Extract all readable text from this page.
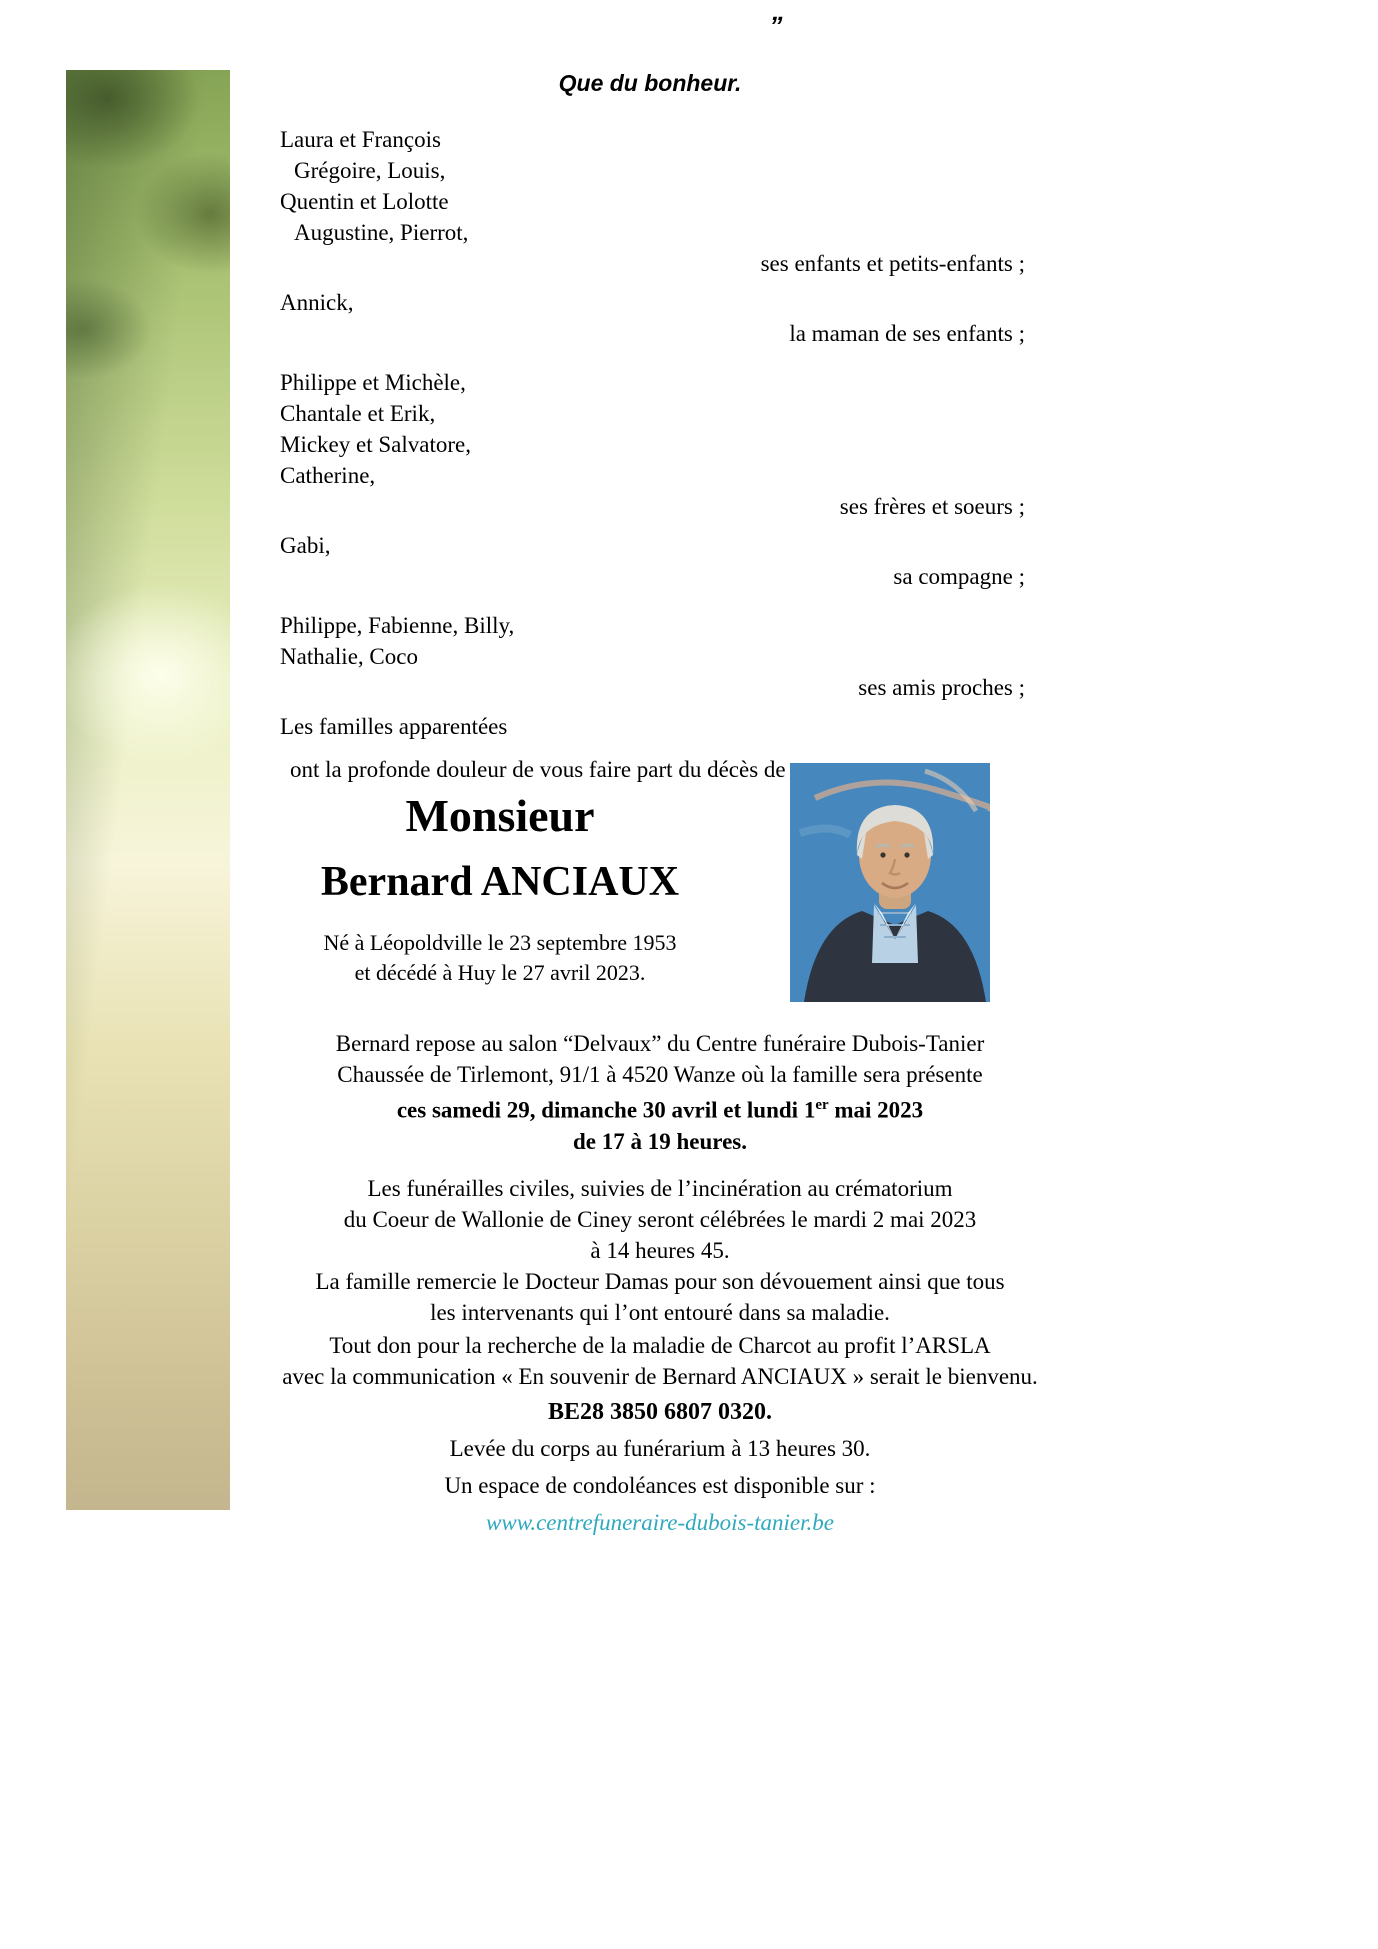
„
Que du bonheur.
Laura et François
Grégoire, Louis,
Quentin et Lolotte
Augustine, Pierrot,
ses enfants et petits-enfants ;
Annick,
la maman de ses enfants ;
Philippe et Michèle,
Chantale et Erik,
Mickey et Salvatore,
Catherine,
ses frères et soeurs ;
Gabi,
sa compagne ;
Philippe, Fabienne, Billy,
Nathalie, Coco
ses amis proches ;
Les familles apparentées
ont la profonde douleur de vous faire part du décès de
Monsieur
Bernard ANCIAUX
Né à Léopoldville le 23 septembre 1953
et décédé à Huy le 27 avril 2023.
Bernard repose au salon “Delvaux” du Centre funéraire Dubois-Tanier
Chaussée de Tirlemont, 91/1 à 4520 Wanze où la famille sera présente
ces samedi 29, dimanche 30 avril et lundi 1er mai 2023
de 17 à 19 heures.
Les funérailles civiles, suivies de l’incinération au crématorium
du Coeur de Wallonie de Ciney seront célébrées le mardi 2 mai 2023
à 14 heures 45.
La famille remercie le Docteur Damas pour son dévouement ainsi que tous
les intervenants qui l’ont entouré dans sa maladie.
Tout don pour la recherche de la maladie de Charcot au profit l’ARSLA
avec la communication « En souvenir de Bernard ANCIAUX » serait le bienvenu.
BE28 3850 6807 0320.
Levée du corps au funérarium à 13 heures 30.
Un espace de condoléances est disponible sur :
www.centrefuneraire-dubois-tanier.be
